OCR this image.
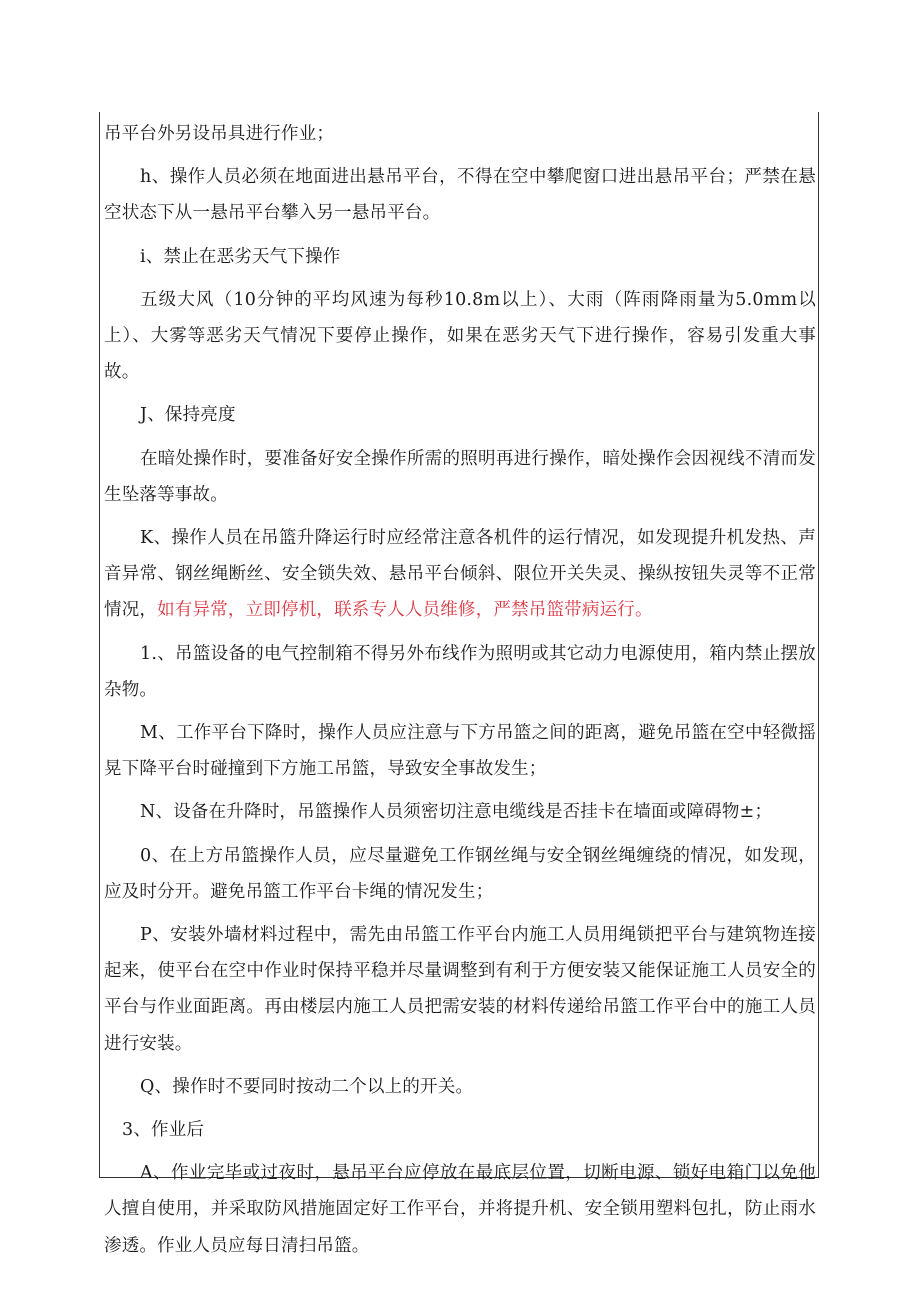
吊平台外另设吊具进行作业；

h、操作人员必须在地面进出悬吊平台，不得在空中攀爬窗口进出悬吊平台；严禁在悬空状态下从一悬吊平台攀入另一悬吊平台。

i、禁止在恶劣天气下操作

五级大风（10分钟的平均风速为每秒10.8m以上）、大雨（阵雨降雨量为5.0mm以上）、大雾等恶劣天气情况下要停止操作，如果在恶劣天气下进行操作，容易引发重大事故。

J、保持亮度

在暗处操作时，要准备好安全操作所需的照明再进行操作，暗处操作会因视线不清而发生坠落等事故。

K、操作人员在吊篮升降运行时应经常注意各机件的运行情况，如发现提升机发热、声音异常、钢丝绳断丝、安全锁失效、悬吊平台倾斜、限位开关失灵、操纵按钮失灵等不正常情况，如有异常，立即停机，联系专人人员维修，严禁吊篮带病运行。

1.、吊篮设备的电气控制箱不得另外布线作为照明或其它动力电源使用，箱内禁止摆放杂物。

M、工作平台下降时，操作人员应注意与下方吊篮之间的距离，避免吊篮在空中轻微摇晃下降平台时碰撞到下方施工吊篮，导致安全事故发生；

N、设备在升降时，吊篮操作人员须密切注意电缆线是否挂卡在墙面或障碍物±；

0、在上方吊篮操作人员，应尽量避免工作钢丝绳与安全钢丝绳缠绕的情况，如发现，应及时分开。避免吊篮工作平台卡绳的情况发生；

P、安装外墙材料过程中，需先由吊篮工作平台内施工人员用绳锁把平台与建筑物连接起来，使平台在空中作业时保持平稳并尽量调整到有利于方便安装又能保证施工人员安全的平台与作业面距离。再由楼层内施工人员把需安装的材料传递给吊篮工作平台中的施工人员进行安装。

Q、操作时不要同时按动二个以上的开关。

3、作业后

A、作业完毕或过夜时，悬吊平台应停放在最底层位置，切断电源、锁好电箱门以免他人擅自使用，并采取防风措施固定好工作平台，并将提升机、安全锁用塑料包扎，防止雨水渗透。作业人员应每日清扫吊篮。
